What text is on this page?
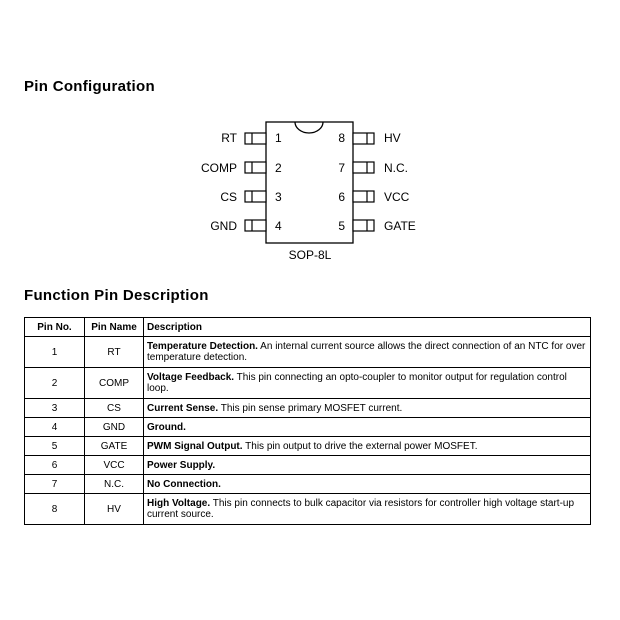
Pin Configuration
RT	1
COMP	2
CS	3
GND	4
HV
8
N.C.
7
VCC
6
GATE
5
SOP-8L
Function Pin Description
Pin No.	Pin Name	Description
1	RT	Temperature Detection. An internal current source allows the direct connection of an NTC for over temperature detection.
2	COMP	Voltage Feedback. This pin connecting an opto-coupler to monitor output for regulation control loop.
3	CS	Current Sense. This pin sense primary MOSFET current.
4	GND	Ground.
5	GATE	PWM Signal Output. This pin output to drive the external power MOSFET.
6	VCC	Power Supply.
7	N.C.	No Connection.
8	HV	High Voltage. This pin connects to bulk capacitor via resistors for controller high voltage start-up current source.
